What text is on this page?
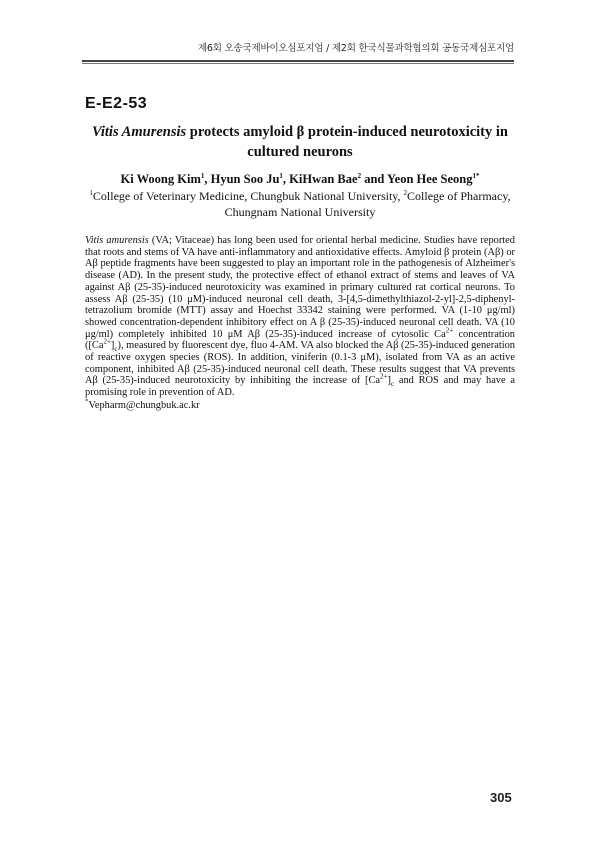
제6회 오송국제바이오심포지엄 / 제2회 한국식물과학협의회 공동국제심포지엄
E-E2-53
Vitis Amurensis protects amyloid β protein-induced neurotoxicity in
cultured neurons
Ki Woong Kim$^1$, Hyun Soo Ju$^1$, KiHwan Bae$^2$ and Yeon Hee Seong$^{1*}$
$^1$College of Veterinary Medicine, Chungbuk National University, $^2$College of Pharmacy,
Chungnam National University

Vitis amurensis (VA; Vitaceae) has long been used for oriental herbal medicine. Studies have reported that roots and stems of VA have anti-inflammatory and antioxidative effects. Amyloid β protein (Aβ) or Aβ peptide fragments have been suggested to play an important role in the pathogenesis of Alzheimer's disease (AD). In the present study, the protective effect of ethanol extract of stems and leaves of VA against Aβ (25-35)-induced neurotoxicity was examined in primary cultured rat cortical neurons. To assess Aβ (25-35) (10 μM)-induced neuronal cell death, 3-[4,5-dimethylthiazol-2-yl]-2,5-diphenyl-tetrazolium bromide (MTT) assay and Hoechst 33342 staining were performed. VA (1-10 μg/ml) showed concentration-dependent inhibitory effect on A β (25-35)-induced neuronal cell death. VA (10 μg/ml) completely inhibited 10 μM Aβ (25-35)-induced increase of cytosolic $Ca^{2+}$ concentration $([Ca^{2+}]_c)$, measured by fluorescent dye, fluo 4-AM. VA also blocked the Aβ (25-35)-induced generation of reactive oxygen species (ROS). In addition, viniferin (0.1-3 μM), isolated from VA as an active component, inhibited Aβ (25-35)-induced neuronal cell death. These results suggest that VA prevents Aβ (25-35)-induced neurotoxicity by inhibiting the increase of $[Ca^{2+}]_c$ and ROS and may have a promising role in prevention of AD.

*Vepharm@chungbuk.ac.kr
305
